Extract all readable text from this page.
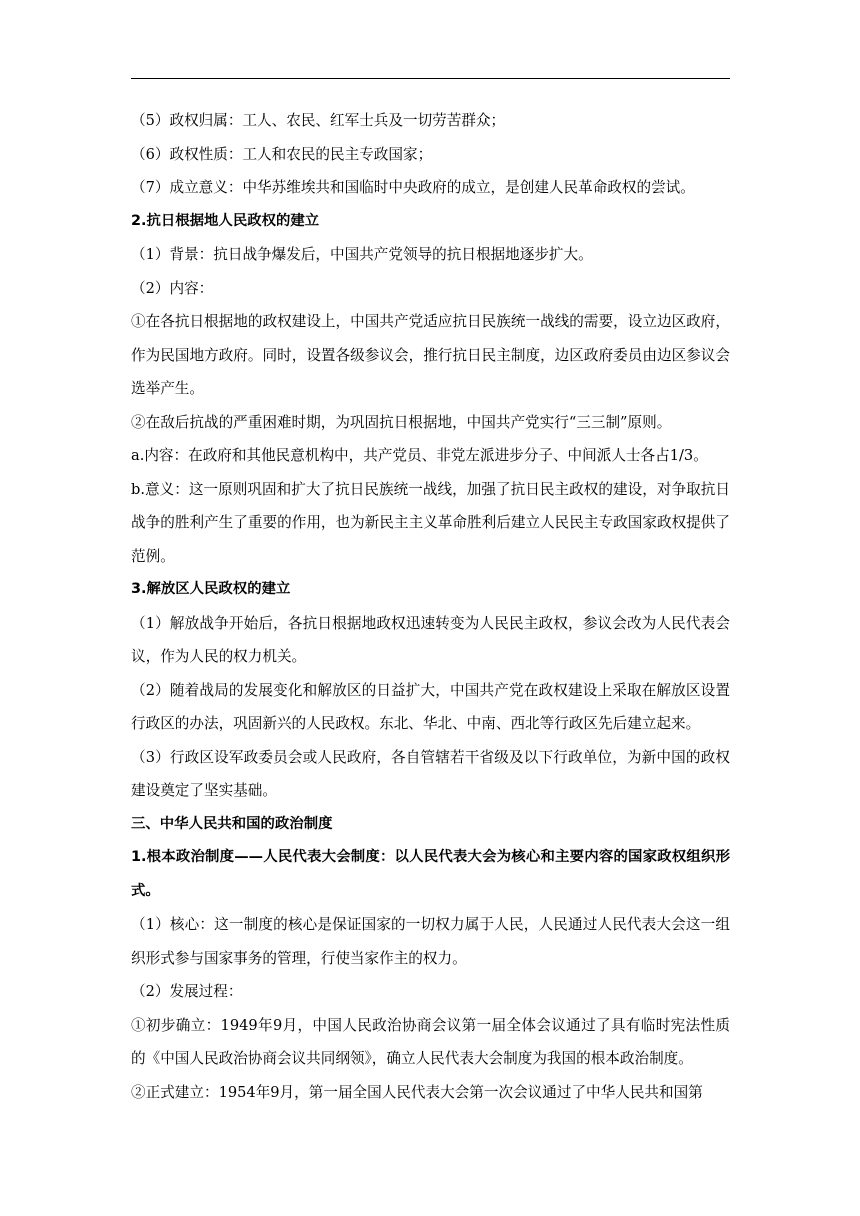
（5）政权归属：工人、农民、红军士兵及一切劳苦群众；

（6）政权性质：工人和农民的民主专政国家；

（7）成立意义：中华苏维埃共和国临时中央政府的成立，是创建人民革命政权的尝试。

2.抗日根据地人民政权的建立

（1）背景：抗日战争爆发后，中国共产党领导的抗日根据地逐步扩大。

（2）内容：

①在各抗日根据地的政权建设上，中国共产党适应抗日民族统一战线的需要，设立边区政府，作为民国地方政府。同时，设置各级参议会，推行抗日民主制度，边区政府委员由边区参议会选举产生。

②在敌后抗战的严重困难时期，为巩固抗日根据地，中国共产党实行“三三制”原则。

a.内容：在政府和其他民意机构中，共产党员、非党左派进步分子、中间派人士各占1/3。

b.意义：这一原则巩固和扩大了抗日民族统一战线，加强了抗日民主政权的建设，对争取抗日战争的胜利产生了重要的作用，也为新民主主义革命胜利后建立人民民主专政国家政权提供了范例。

3.解放区人民政权的建立

（1）解放战争开始后，各抗日根据地政权迅速转变为人民民主政权，参议会改为人民代表会议，作为人民的权力机关。

（2）随着战局的发展变化和解放区的日益扩大，中国共产党在政权建设上采取在解放区设置行政区的办法，巩固新兴的人民政权。东北、华北、中南、西北等行政区先后建立起来。

（3）行政区设军政委员会或人民政府，各自管辖若干省级及以下行政单位，为新中国的政权建设奠定了坚实基础。

三、中华人民共和国的政治制度

1.根本政治制度——人民代表大会制度：以人民代表大会为核心和主要内容的国家政权组织形式。

（1）核心：这一制度的核心是保证国家的一切权力属于人民，人民通过人民代表大会这一组织形式参与国家事务的管理，行使当家作主的权力。

（2）发展过程：

①初步确立：1949年9月，中国人民政治协商会议第一届全体会议通过了具有临时宪法性质的《中国人民政治协商会议共同纲领》，确立人民代表大会制度为我国的根本政治制度。

②正式建立：1954年9月，第一届全国人民代表大会第一次会议通过了中华人民共和国第
